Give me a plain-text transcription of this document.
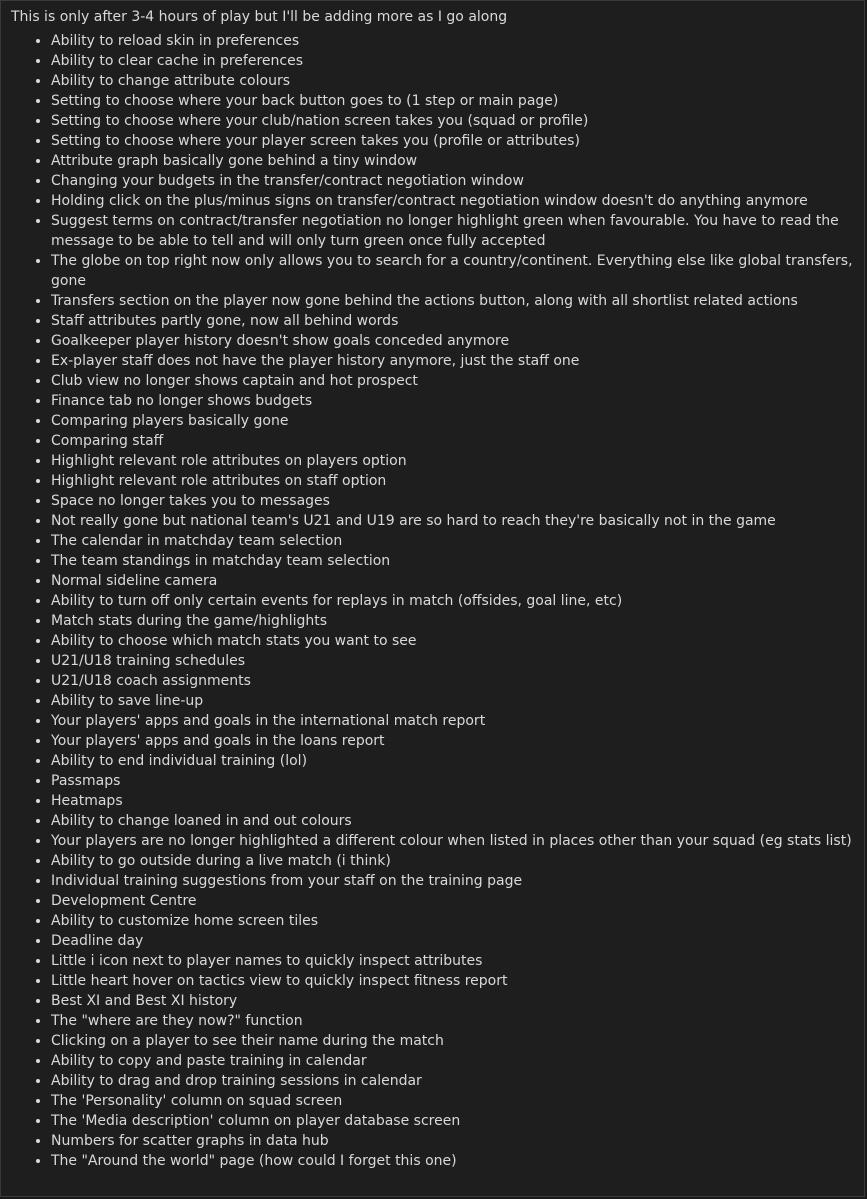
This is only after 3-4 hours of play but I'll be adding more as I go along
• Ability to reload skin in preferences
• Ability to clear cache in preferences
• Ability to change attribute colours
• Setting to choose where your back button goes to (1 step or main page)
• Setting to choose where your club/nation screen takes you (squad or profile)
• Setting to choose where your player screen takes you (profile or attributes)
• Attribute graph basically gone behind a tiny window
• Changing your budgets in the transfer/contract negotiation window
• Holding click on the plus/minus signs on transfer/contract negotiation window doesn't do anything anymore
• Suggest terms on contract/transfer negotiation no longer highlight green when favourable. You have to read the message to be able to tell and will only turn green once fully accepted
• The globe on top right now only allows you to search for a country/continent. Everything else like global transfers, gone
• Transfers section on the player now gone behind the actions button, along with all shortlist related actions
• Staff attributes partly gone, now all behind words
• Goalkeeper player history doesn't show goals conceded anymore
• Ex-player staff does not have the player history anymore, just the staff one
• Club view no longer shows captain and hot prospect
• Finance tab no longer shows budgets
• Comparing players basically gone
• Comparing staff
• Highlight relevant role attributes on players option
• Highlight relevant role attributes on staff option
• Space no longer takes you to messages
• Not really gone but national team's U21 and U19 are so hard to reach they're basically not in the game
• The calendar in matchday team selection
• The team standings in matchday team selection
• Normal sideline camera
• Ability to turn off only certain events for replays in match (offsides, goal line, etc)
• Match stats during the game/highlights
• Ability to choose which match stats you want to see
• U21/U18 training schedules
• U21/U18 coach assignments
• Ability to save line-up
• Your players' apps and goals in the international match report
• Your players' apps and goals in the loans report
• Ability to end individual training (lol)
• Passmaps
• Heatmaps
• Ability to change loaned in and out colours
• Your players are no longer highlighted a different colour when listed in places other than your squad (eg stats list)
• Ability to go outside during a live match (i think)
• Individual training suggestions from your staff on the training page
• Development Centre
• Ability to customize home screen tiles
• Deadline day
• Little i icon next to player names to quickly inspect attributes
• Little heart hover on tactics view to quickly inspect fitness report
• Best XI and Best XI history
• The "where are they now?" function
• Clicking on a player to see their name during the match
• Ability to copy and paste training in calendar
• Ability to drag and drop training sessions in calendar
• The 'Personality' column on squad screen
• The 'Media description' column on player database screen
• Numbers for scatter graphs in data hub
• The "Around the world" page (how could I forget this one)
